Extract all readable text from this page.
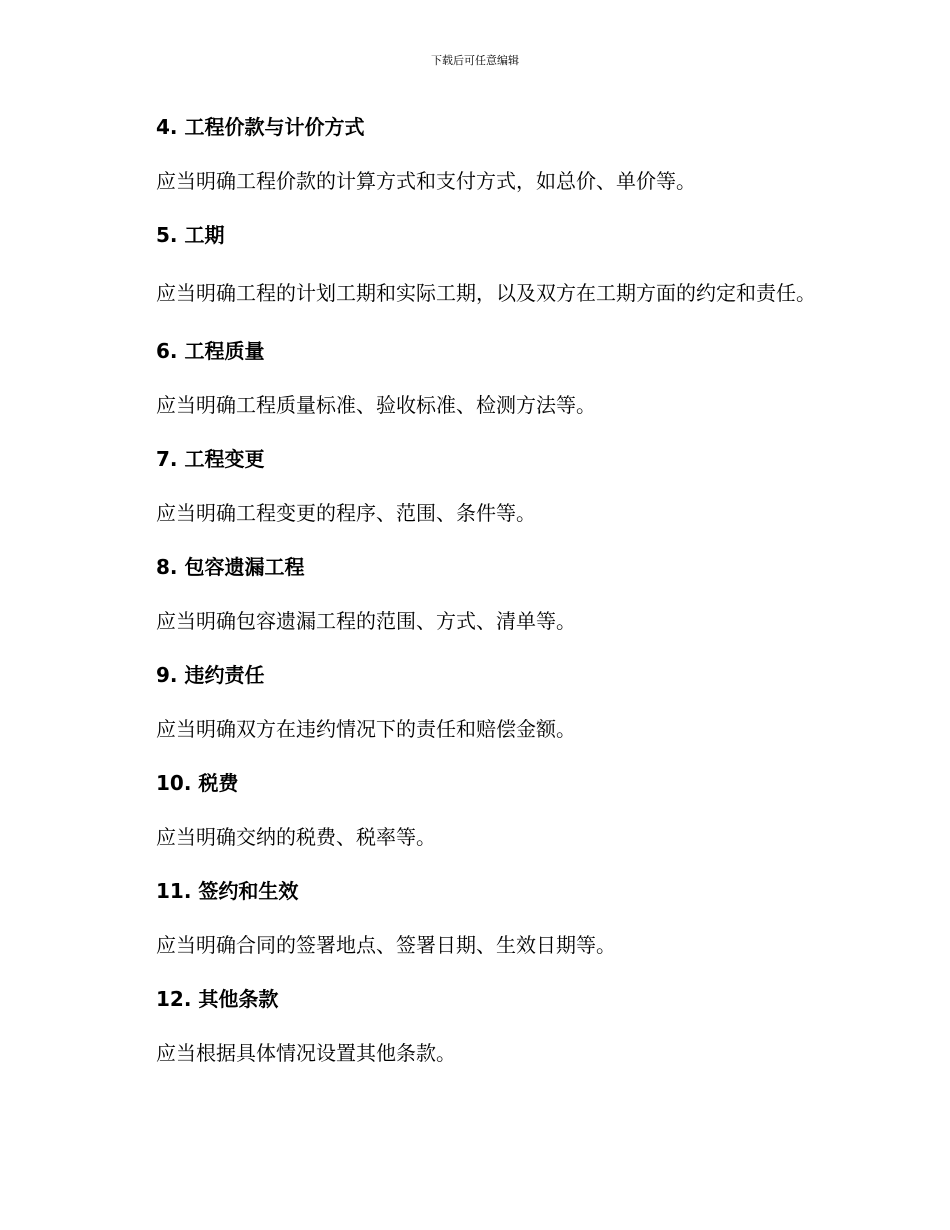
下载后可任意编辑
4. 工程价款与计价方式
应当明确工程价款的计算方式和支付方式，如总价、单价等。
5. 工期
应当明确工程的计划工期和实际工期，以及双方在工期方面的约定和责任。
6. 工程质量
应当明确工程质量标准、验收标准、检测方法等。
7. 工程变更
应当明确工程变更的程序、范围、条件等。
8. 包容遗漏工程
应当明确包容遗漏工程的范围、方式、清单等。
9. 违约责任
应当明确双方在违约情况下的责任和赔偿金额。
10. 税费
应当明确交纳的税费、税率等。
11. 签约和生效
应当明确合同的签署地点、签署日期、生效日期等。
12. 其他条款
应当根据具体情况设置其他条款。
